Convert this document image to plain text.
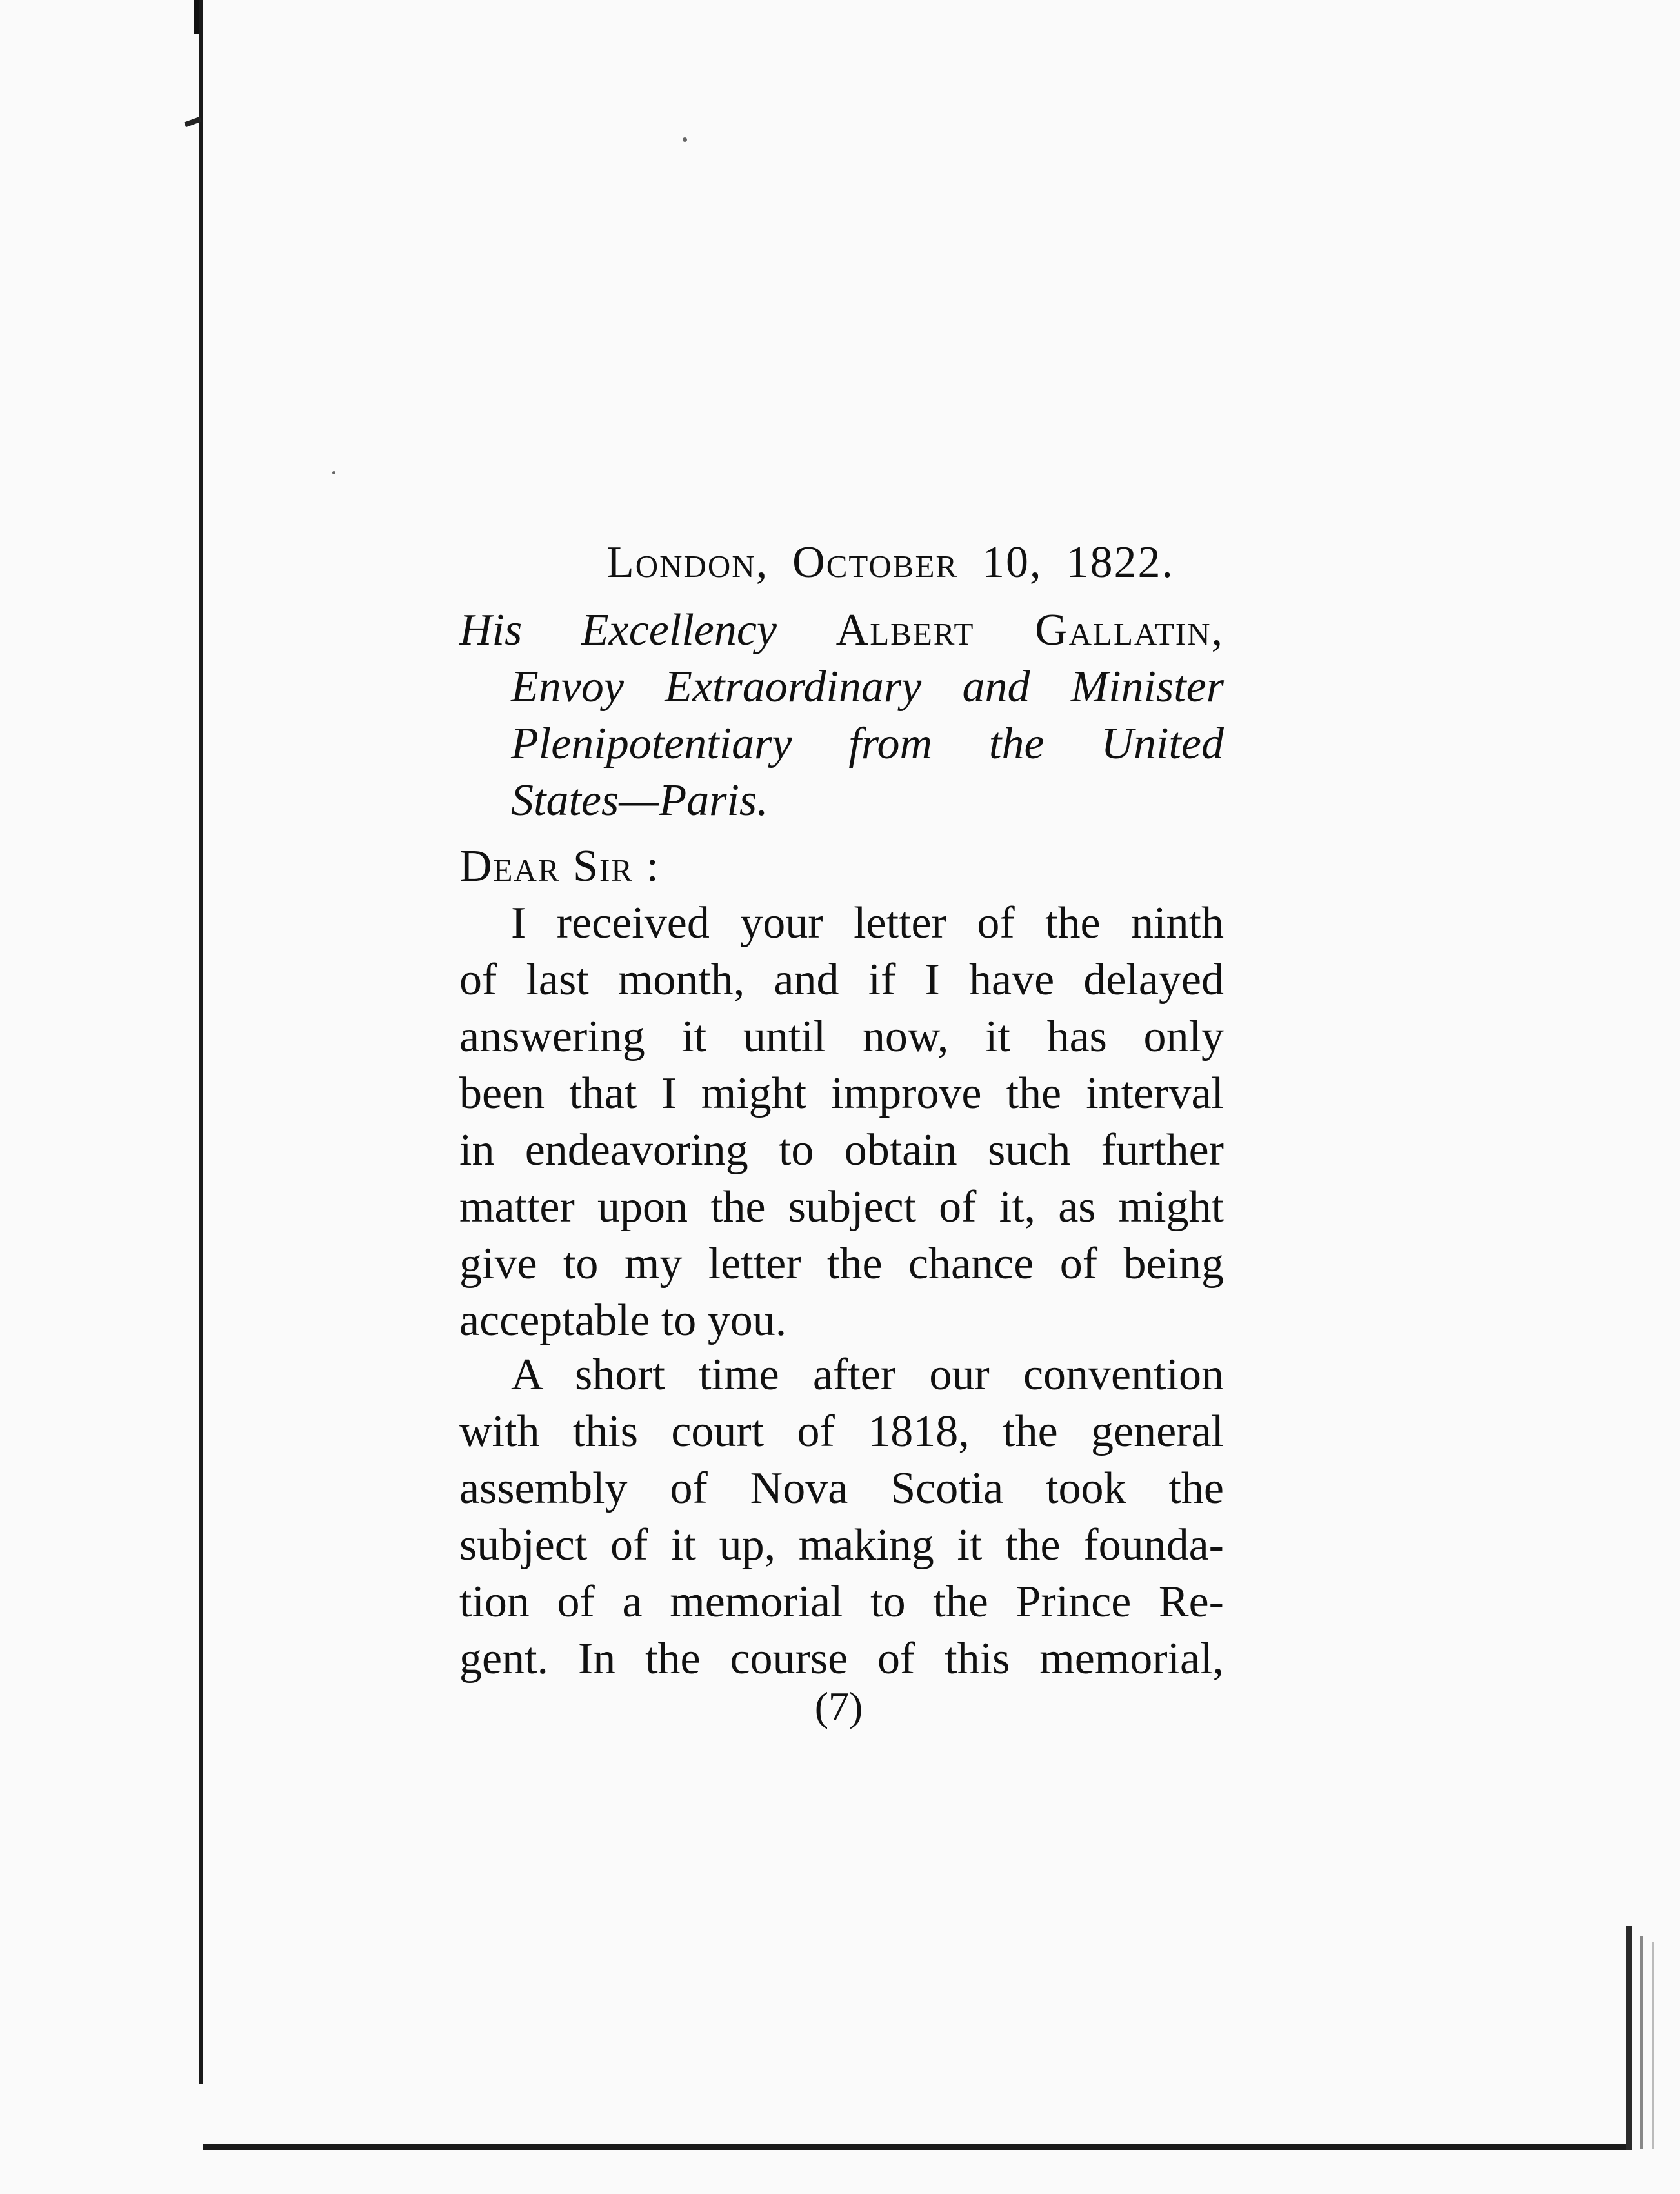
London, October 10, 1822.
His Excellency Albert Gallatin,
Envoy Extraordinary and Minister
Plenipotentiary from the United
States—Paris.
Dear Sir :
I received your letter of the ninth
of last month, and if I have delayed
answering it until now, it has only
been that I might improve the interval
in endeavoring to obtain such further
matter upon the subject of it, as might
give to my letter the chance of being
acceptable to you.
A short time after our convention
with this court of 1818, the general
assembly of Nova Scotia took the
subject of it up, making it the founda-
tion of a memorial to the Prince Re-
gent. In the course of this memorial,
(7)
